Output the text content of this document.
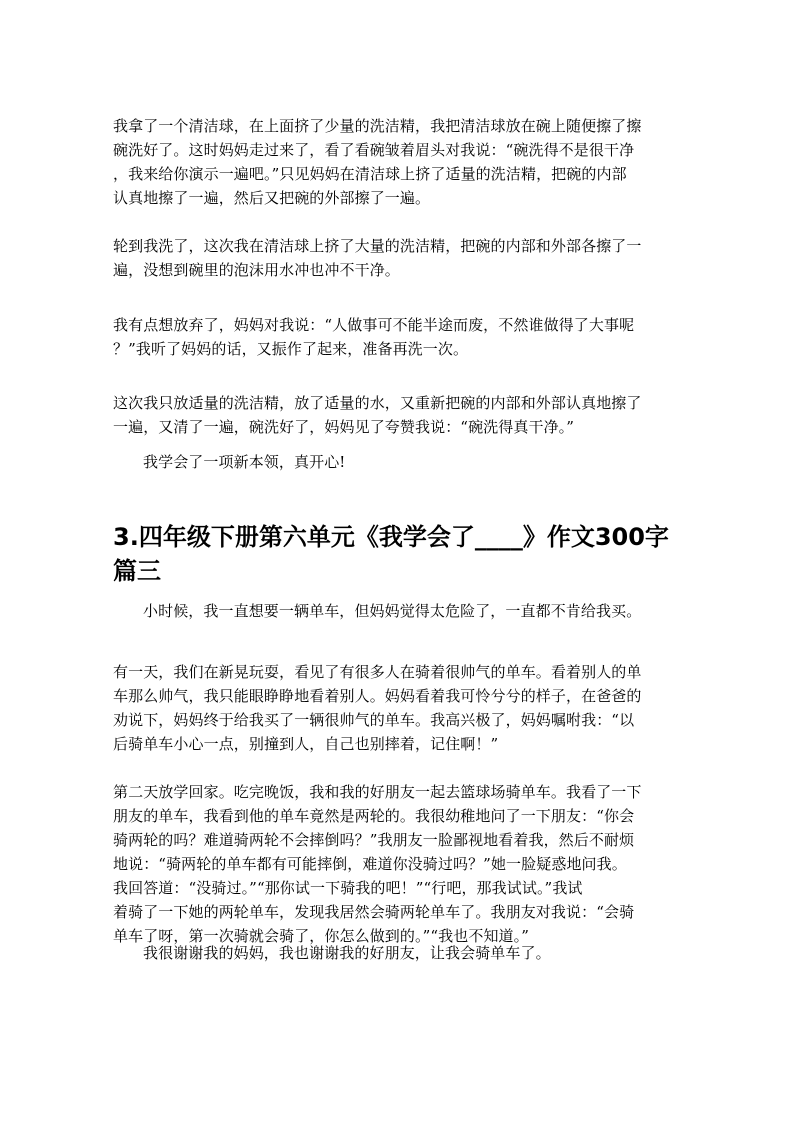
我拿了一个清洁球，在上面挤了少量的洗洁精，我把清洁球放在碗上随便擦了擦
碗洗好了。这时妈妈走过来了，看了看碗皱着眉头对我说：“碗洗得不是很干净
，我来给你演示一遍吧。”只见妈妈在清洁球上挤了适量的洗洁精，把碗的内部
认真地擦了一遍，然后又把碗的外部擦了一遍。

轮到我洗了，这次我在清洁球上挤了大量的洗洁精，把碗的内部和外部各擦了一
遍，没想到碗里的泡沫用水冲也冲不干净。

我有点想放弃了，妈妈对我说：“人做事可不能半途而废，不然谁做得了大事呢
？”我听了妈妈的话，又振作了起来，准备再洗一次。

这次我只放适量的洗洁精，放了适量的水，又重新把碗的内部和外部认真地擦了
一遍，又清了一遍，碗洗好了，妈妈见了夸赞我说：“碗洗得真干净。”

我学会了一项新本领，真开心!

3.四年级下册第六单元《我学会了____》作文300字
篇三

小时候，我一直想要一辆单车，但妈妈觉得太危险了，一直都不肯给我买。

有一天，我们在新晃玩耍，看见了有很多人在骑着很帅气的单车。看着别人的单
车那么帅气，我只能眼睁睁地看着别人。妈妈看着我可怜兮兮的样子，在爸爸的
劝说下，妈妈终于给我买了一辆很帅气的单车。我高兴极了，妈妈嘱咐我：“以
后骑单车小心一点，别撞到人，自己也别摔着，记住啊！”

第二天放学回家。吃完晚饭，我和我的好朋友一起去篮球场骑单车。我看了一下
朋友的单车，我看到他的单车竟然是两轮的。我很幼稚地问了一下朋友：“你会
骑两轮的吗？难道骑两轮不会摔倒吗？”我朋友一脸鄙视地看着我，然后不耐烦
地说：“骑两轮的单车都有可能摔倒，难道你没骑过吗？”她一脸疑惑地问我。
我回答道：“没骑过。”“那你试一下骑我的吧！”“行吧，那我试试。”我试
着骑了一下她的两轮单车，发现我居然会骑两轮单车了。我朋友对我说：“会骑
单车了呀，第一次骑就会骑了，你怎么做到的。”“我也不知道。”

我很谢谢我的妈妈，我也谢谢我的好朋友，让我会骑单车了。
